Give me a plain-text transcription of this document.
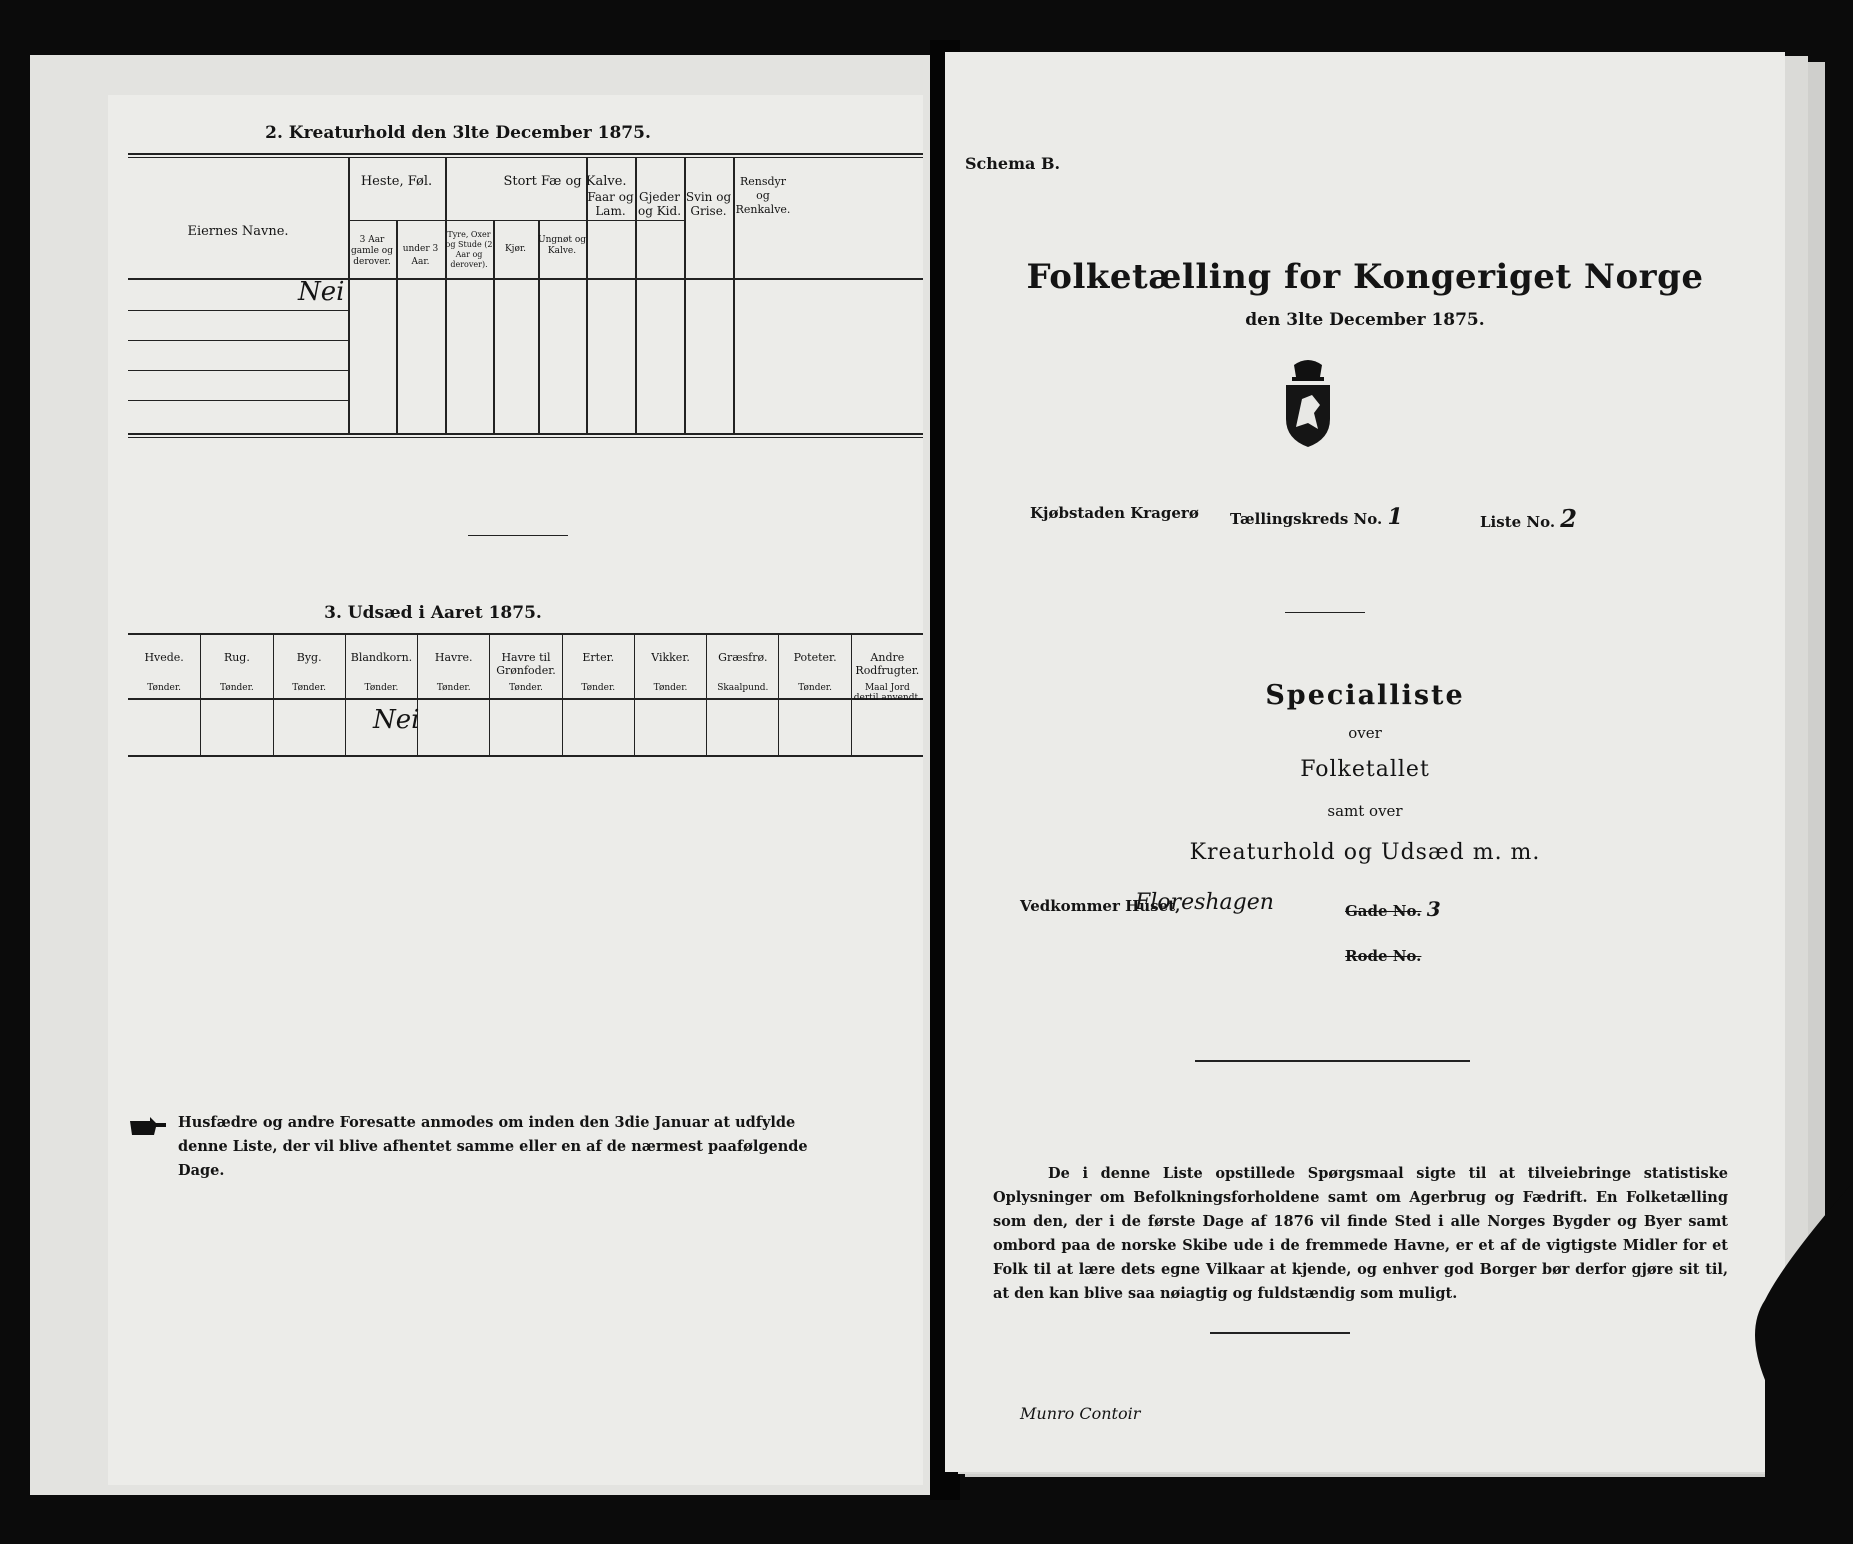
2. Kreaturhold den 3lte December 1875.
Eiernes Navne.
Heste, Føl.
3 Aar gamle og derover.
under 3 Aar.
Stort Fæ og Kalve.
Tyre, Oxer og Stude (2 Aar og derover).
Kjør.
Ungnøt og Kalve.
Faar og Lam.
Gjeder og Kid.
Svin og Grise.
Rensdyr og Renkalve.
Nei
3. Udsæd i Aaret 1875.
Hvede.
Tønder.
Rug.
Tønder.
Byg.
Tønder.
Blandkorn.
Tønder.
Havre.
Tønder.
Havre til Grønfoder.
Tønder.
Erter.
Tønder.
Vikker.
Tønder.
Græsfrø.
Skaalpund.
Poteter.
Tønder.
Andre Rodfrugter.
Maal Jord dertil anvendt.
Nei
Husfædre og andre Foresatte anmodes om inden den 3die Januar at udfylde denne Liste, der vil blive afhentet samme eller en af de nærmest paafølgende Dage.
Schema B.
Folketælling for Kongeriget Norge
den 3lte December 1875.
Kjøbstaden Kragerø Tællingskreds No. 1	Liste No. 2
Specialliste
over
Folketallet
samt over
Kreaturhold og Udsæd m. m.
Vedkommer Huset,
Floreshagen	Gade No. 3
Rode No.
De i denne Liste opstillede Spørgsmaal sigte til at tilveiebringe statistiske Oplysninger om Befolkningsforholdene samt om Agerbrug og Fædrift. En Folketælling som den, der i de første Dage af 1876 vil finde Sted i alle Norges Bygder og Byer samt ombord paa de norske Skibe ude i de fremmede Havne, er et af de vigtigste Midler for et Folk til at lære dets egne Vilkaar at kjende, og enhver god Borger bør derfor gjøre sit til, at den kan blive saa nøiagtig og fuldstændig som muligt.
Munro Contoir
